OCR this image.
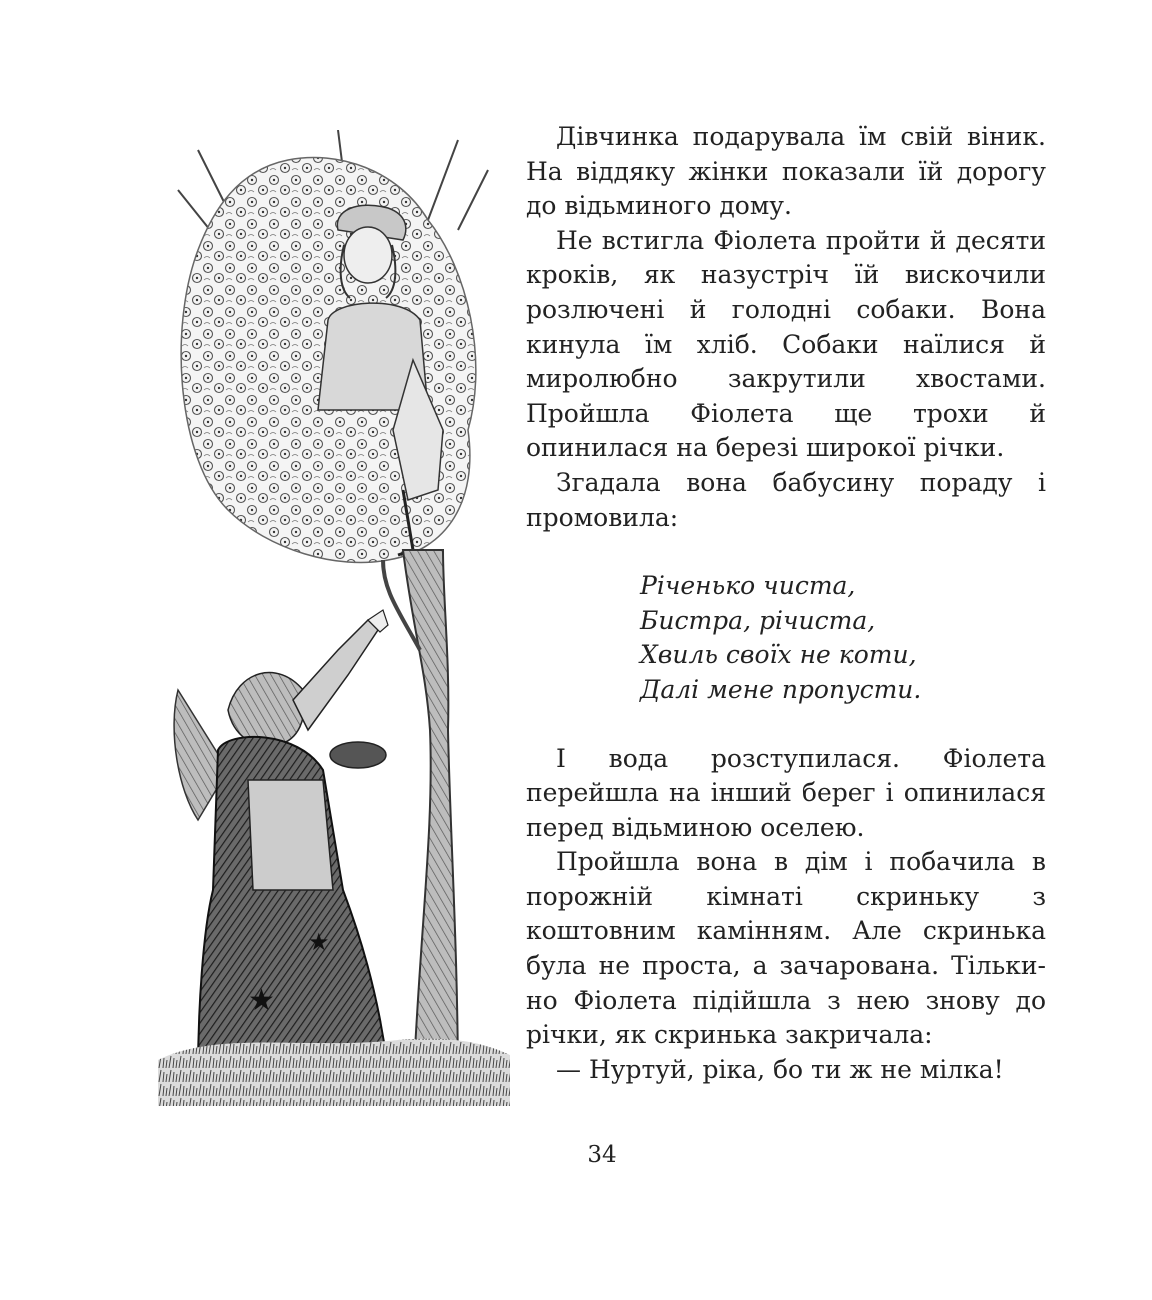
★
★

Дівчинка подарувала їм свій віник. На віддяку жінки показали їй дорогу до відьминого дому.

Не встигла Фіолета пройти й десяти кроків, як назустріч їй вискочили розлючені й голодні собаки. Вона кинула їм хліб. Собаки наїлися й миролюбно закрутили хвостами. Пройшла Фіолета ще трохи й опинилася на березі широкої річки.

Згадала вона бабусину пораду і промовила:

Річенько чиста,
Бистра, річиста,
Хвиль своїх не коти,
Далі мене пропусти.

І вода розступилася. Фіолета перейшла на інший берег і опинилася перед відьминою оселею.

Пройшла вона в дім і побачила в порожній кімнаті скриньку з коштовним камінням. Але скринька була не проста, а зачарована. Тільки-но Фіолета підійшла з нею знову до річки, як скринька закричала:

— Нуртуй, ріка, бо ти ж не мілка!

34
